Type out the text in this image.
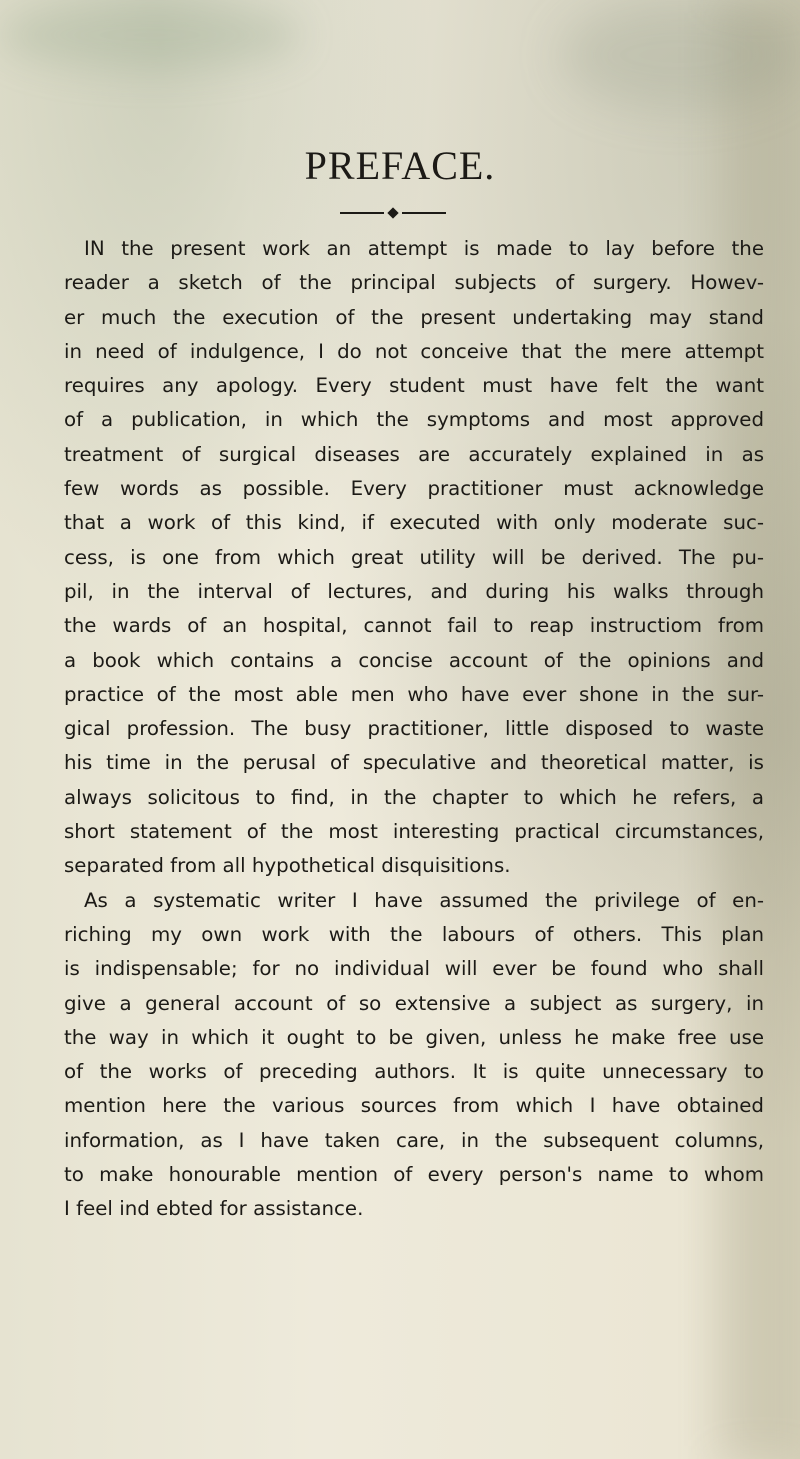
PREFACE.
IN the present work an attempt is made to lay before the
reader a sketch of the principal subjects of surgery. Howev-
er much the execution of the present undertaking may stand
in need of indulgence, I do not conceive that the mere attempt
requires any apology. Every student must have felt the want
of a publication, in which the symptoms and most approved
treatment of surgical diseases are accurately explained in as
few words as possible. Every practitioner must acknowledge
that a work of this kind, if executed with only moderate suc-
cess, is one from which great utility will be derived. The pu-
pil, in the interval of lectures, and during his walks through
the wards of an hospital, cannot fail to reap instructiom from
a book which contains a concise account of the opinions and
practice of the most able men who have ever shone in the sur-
gical profession. The busy practitioner, little disposed to waste
his time in the perusal of speculative and theoretical matter, is
always solicitous to find, in the chapter to which he refers, a
short statement of the most interesting practical circumstances,
separated from all hypothetical disquisitions.
As a systematic writer I have assumed the privilege of en-
riching my own work with the labours of others. This plan
is indispensable; for no individual will ever be found who shall
give a general account of so extensive a subject as surgery, in
the way in which it ought to be given, unless he make free use
of the works of preceding authors. It is quite unnecessary to
mention here the various sources from which I have obtained
information, as I have taken care, in the subsequent columns,
to make honourable mention of every person's name to whom
I feel ind ebted for assistance.
